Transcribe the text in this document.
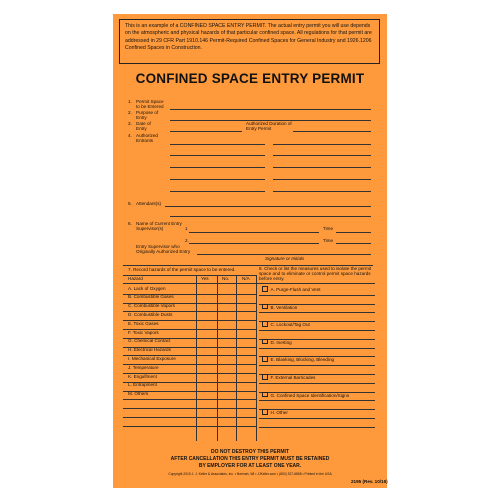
This is an example of a CONFINED SPACE ENTRY PERMIT. The actual entry permit you will use depends on the atmospheric and physical hazards of that particular confined space. All regulations for that permit are addressed in 29 CFR Part 1910.146 Permit-Required Confined Spaces for General Industry and 1926.1206 Confined Spaces in Construction.
CONFINED SPACE ENTRY PERMIT
1. Permit Space to be Entered
2. Purpose of Entry
3. Date of Entry
Authorized Duration of Entry Permit
4. Authorized Entrants
5. Attendant(s)
6. Name of Current Entry Supervisor(s)	1	Time
2.	Time
Entry Supervisor who Originally Authorized Entry
Signature or Initials
7. Record hazards of the permit space to be entered.	8. Check or list the measures used to isolate the permit space and to eliminate or control permit space hazards before entry.
Hazard	Yes	No.	N/A
A. Lack of Oxygen
B. Combustible Gases
C. Combustible Vapors
D. Combustible Dusts
E. Toxic Gases
F. Toxic Vapors
G. Chemical Contact
H. Electrical Hazards
I. Mechanical Exposure
J. Temperature
K. Engulfment
L. Entrapment
M. Others
A. Purge-Flush and Vent
B. Ventilation
C. Lockout/Tag Out
D. Inerting
E. Blanking, Blocking, Bleeding
F. External Barricades
G. Confined Space Identification/Signs
H. Other
DO NOT DESTROY THIS PERMIT
AFTER CANCELLATION THIS ENTRY PERMIT MUST BE RETAINED
BY EMPLOYER FOR AT LEAST ONE YEAR.
Copyright 2015 J. J. Keller & Associates, Inc. • Neenah, WI • JJKeller.com • (800) 327-6868 • Printed in the USA
2195 (Rev. 10/15)
